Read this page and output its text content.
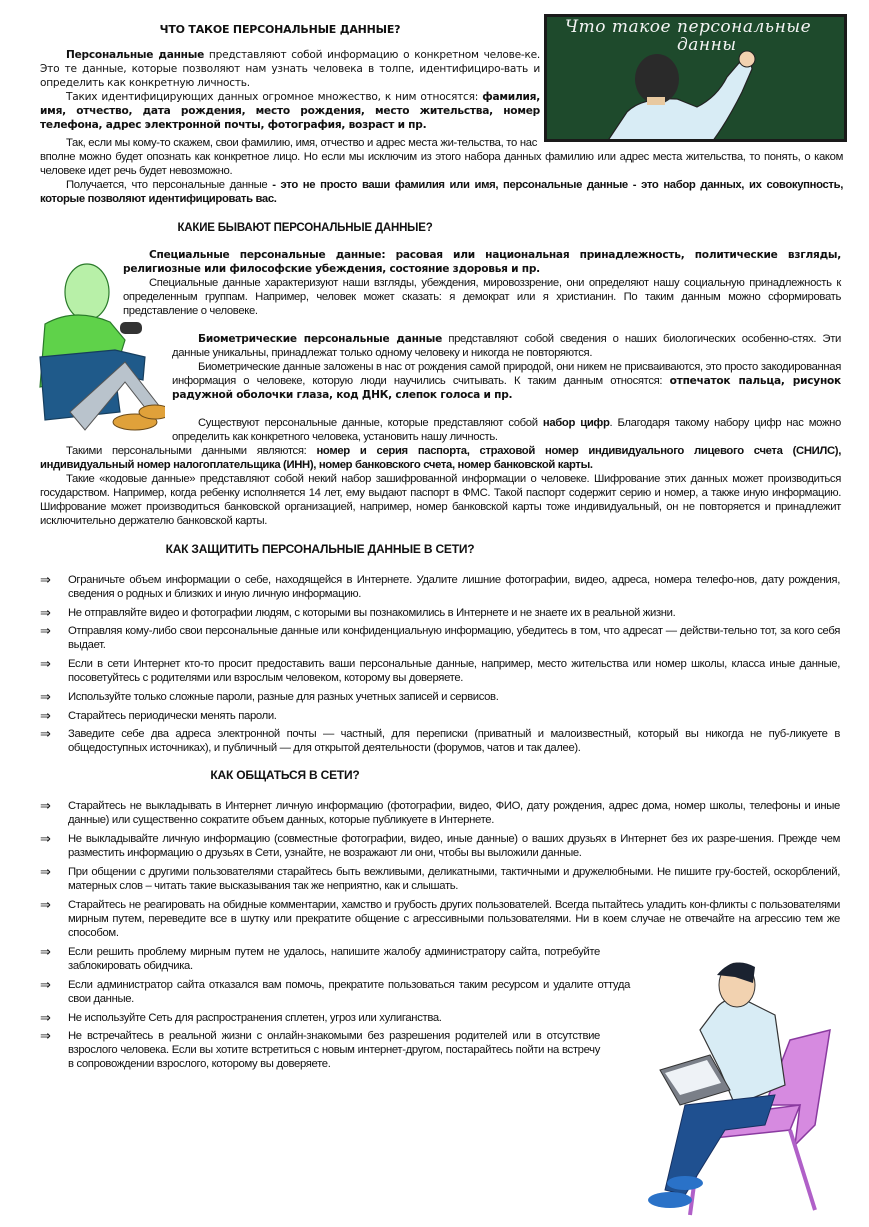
ЧТО ТАКОЕ ПЕРСОНАЛЬНЫЕ ДАННЫЕ?

Персональные данные представляют собой информацию о конкретном челове-ке. Это те данные, которые позволяют нам узнать человека в толпе, идентифициро-вать и определить как конкретную личность.

Таких идентифицирующих данных огромное множество, к ним относятся: фамилия, имя, отчество, дата рождения, место рождения, место жительства, номер телефона, адрес электронной почты, фотография, возраст и пр.

Так, если мы кому-то скажем, свои фамилию, имя, отчество и адрес места жи-тельства, то нас вполне можно будет опознать как конкретное лицо. Но если мы исключим из этого набора данных фамилию или адрес места жительства, то понять, о каком человеке идет речь будет невозможно.

Получается, что персональные данные - это не просто ваши фамилия или имя, персональные данные - это набор данных, их совокупность, которые позволяют идентифицировать вас.

Что такое персональные
данны
КАКИЕ БЫВАЮТ ПЕРСОНАЛЬНЫЕ ДАННЫЕ?

Специальные персональные данные: расовая или национальная принадлежность, политические взгляды, религиозные или философские убеждения, состояние здоровья и пр.

Специальные данные характеризуют наши взгляды, убеждения, мировоззрение, они определяют нашу социальную принадлежность к определенным группам. Например, человек может сказать: я демократ или я христианин. По таким данным можно сформировать представление о человеке.

Биометрические персональные данные представляют собой сведения о наших биологических особенно-стях. Эти данные уникальны, принадлежат только одному человеку и никогда не повторяются.

Биометрические данные заложены в нас от рождения самой природой, они никем не присваиваются, это просто закодированная информация о человеке, которую люди научились считывать. К таким данным относятся: отпечаток пальца, рисунок радужной оболочки глаза, код ДНК, слепок голоса и пр.

Существуют персональные данные, которые представляют собой набор цифр. Благодаря такому набору цифр нас можно определить как конкретного человека, установить нашу личность.

Такими персональными данными являются: номер и серия паспорта, страховой номер индивидуального лицевого счета (СНИЛС), индивидуальный номер налогоплательщика (ИНН), номер банковского счета, номер банковской карты.

Такие «кодовые данные» представляют собой некий набор зашифрованной информации о человеке. Шифрование этих данных может производиться государством. Например, когда ребенку исполняется 14 лет, ему выдают паспорт в ФМС. Такой паспорт содержит серию и номер, а также иную информацию. Шифрование может производиться банковской организацией, например, номер банковской карты тоже индивидуальный, он не повторяется и принадлежит исключительно держателю банковской карты.

КАК ЗАЩИТИТЬ ПЕРСОНАЛЬНЫЕ ДАННЫЕ В СЕТИ?
⇒	Ограничьте объем информации о себе, находящейся в Интернете. Удалите лишние фотографии, видео, адреса, номера телефо-нов, дату рождения, сведения о родных и близких и иную личную информацию.
⇒	Не отправляйте видео и фотографии людям, с которыми вы познакомились в Интернете и не знаете их в реальной жизни.
⇒	Отправляя кому-либо свои персональные данные или конфиденциальную информацию, убедитесь в том, что адресат — действи-тельно тот, за кого себя выдает.
⇒	Если в сети Интернет кто-то просит предоставить ваши персональные данные, например, место жительства или номер школы, класса иные данные, посоветуйтесь с родителями или взрослым человеком, которому вы доверяете.
⇒	Используйте только сложные пароли, разные для разных учетных записей и сервисов.
⇒	Старайтесь периодически менять пароли.
⇒	Заведите себе два адреса электронной почты — частный, для переписки (приватный и малоизвестный, который вы никогда не пуб-ликуете в общедоступных источниках), и публичный — для открытой деятельности (форумов, чатов и так далее).
КАК ОБЩАТЬСЯ В СЕТИ?
⇒	Старайтесь не выкладывать в Интернет личную информацию (фотографии, видео, ФИО, дату рождения, адрес дома, номер школы, телефоны и иные данные) или существенно сократите объем данных, которые публикуете в Интернете.
⇒	Не выкладывайте личную информацию (совместные фотографии, видео, иные данные) о ваших друзьях в Интернет без их разре-шения. Прежде чем разместить информацию о друзьях в Сети, узнайте, не возражают ли они, чтобы вы выложили данные.
⇒	При общении с другими пользователями старайтесь быть вежливыми, деликатными, тактичными и дружелюбными. Не пишите гру-бостей, оскорблений, матерных слов – читать такие высказывания так же неприятно, как и слышать.
⇒	Старайтесь не реагировать на обидные комментарии, хамство и грубость других пользователей. Всегда пытайтесь уладить кон-фликты с пользователями мирным путем, переведите все в шутку или прекратите общение с агрессивными пользователями. Ни в коем случае не отвечайте на агрессию тем же способом.
⇒	Если решить проблему мирным путем не удалось, напишите жалобу администратору сайта, потребуйте заблокировать обидчика.
⇒	Если администратор сайта отказался вам помочь, прекратите пользоваться таким ресурсом и удалите оттуда свои данные.
⇒	Не используйте Сеть для распространения сплетен, угроз или хулиганства.
⇒	Не встречайтесь в реальной жизни с онлайн-знакомыми без разрешения родителей или в отсутствие взрослого человека. Если вы хотите встретиться с новым интернет-другом, постарайтесь пойти на встречу в сопровождении взрослого, которому вы доверяете.
